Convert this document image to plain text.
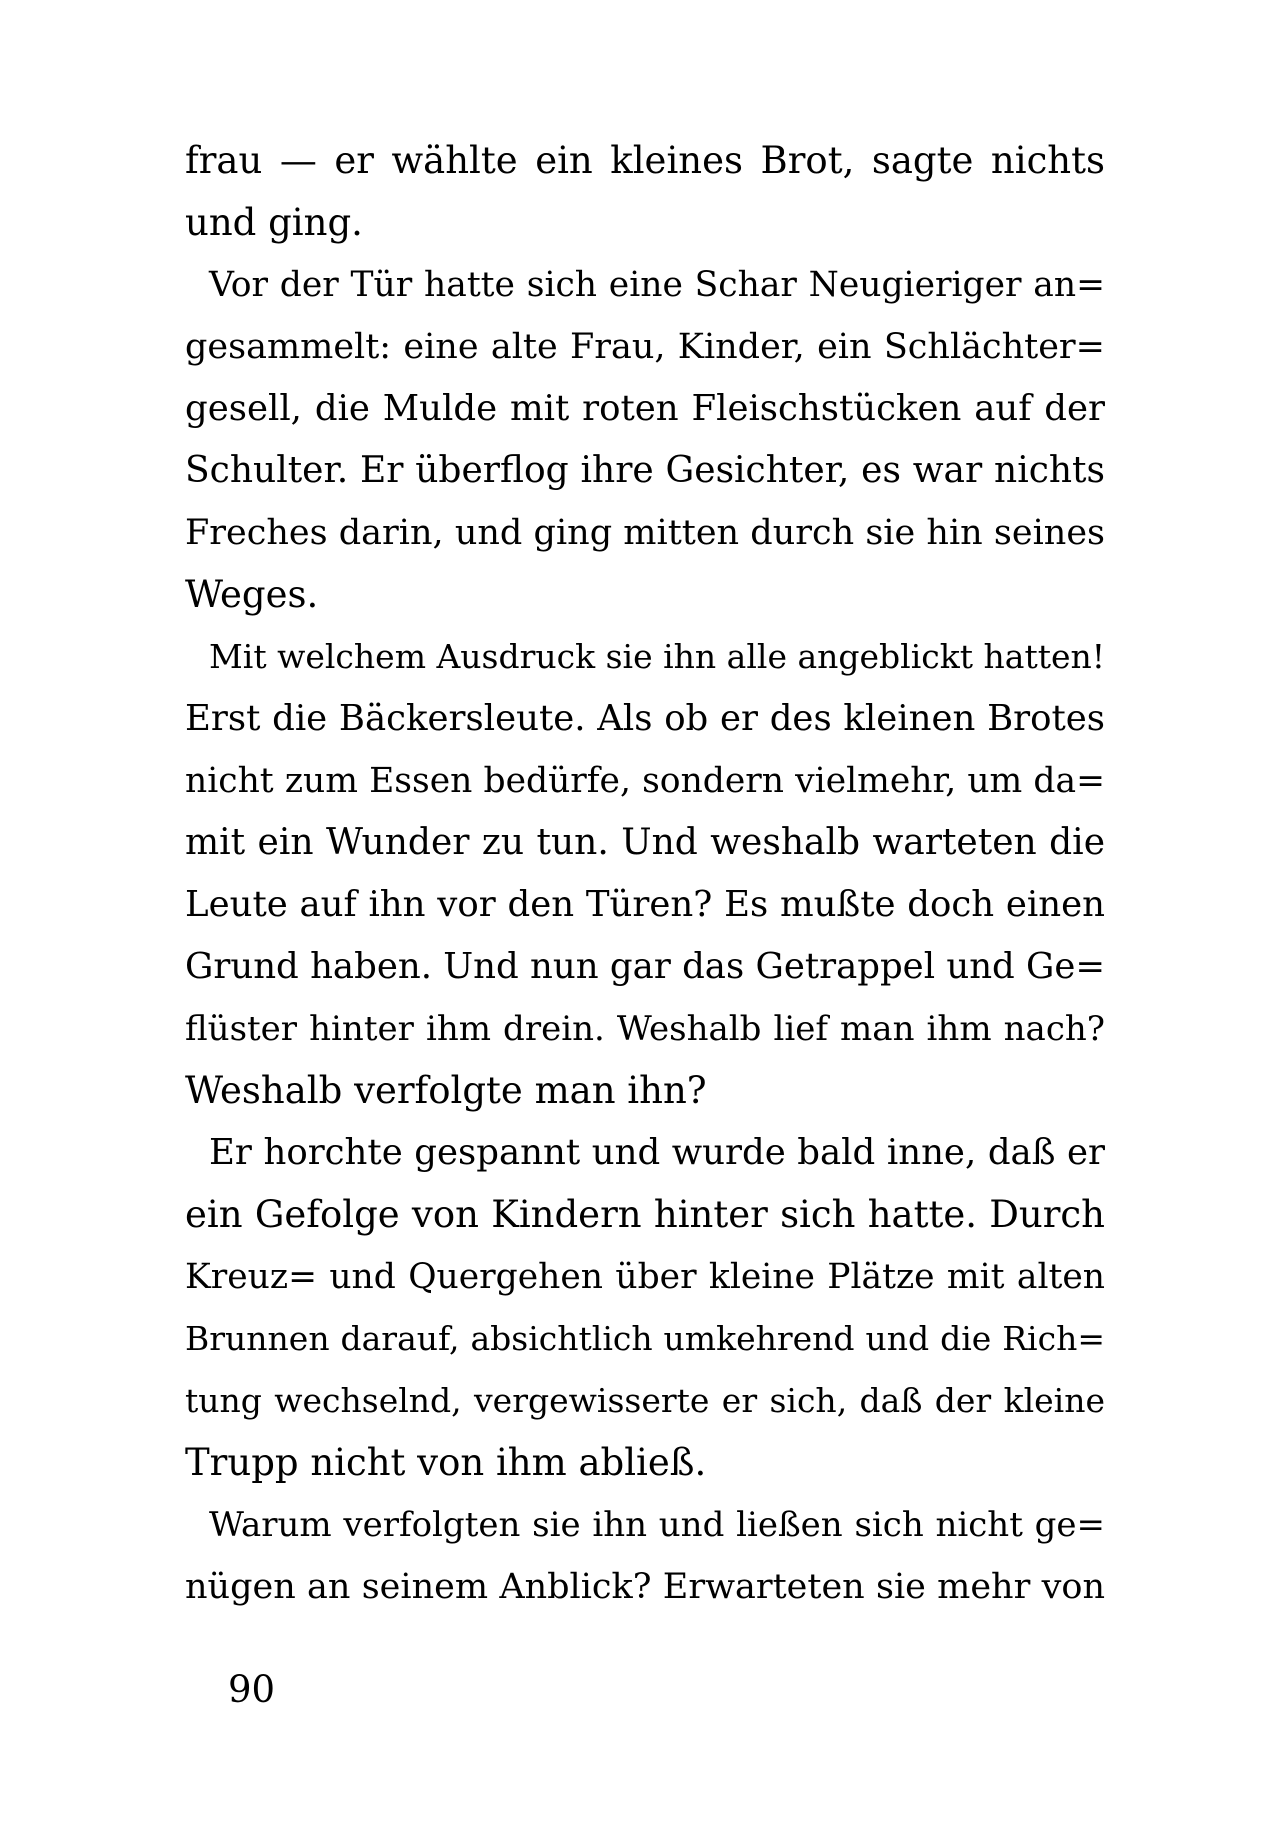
frau — er wählte ein kleines Brot, sagte nichts
und ging.
Vor der Tür hatte sich eine Schar Neugieriger an=
gesammelt: eine alte Frau, Kinder, ein Schlächter=
gesell, die Mulde mit roten Fleischstücken auf der
Schulter. Er überflog ihre Gesichter, es war nichts
Freches darin, und ging mitten durch sie hin seines
Weges.
Mit welchem Ausdruck sie ihn alle angeblickt hatten!
Erst die Bäckersleute. Als ob er des kleinen Brotes
nicht zum Essen bedürfe, sondern vielmehr, um da=
mit ein Wunder zu tun. Und weshalb warteten die
Leute auf ihn vor den Türen? Es mußte doch einen
Grund haben. Und nun gar das Getrappel und Ge=
flüster hinter ihm drein. Weshalb lief man ihm nach?
Weshalb verfolgte man ihn?
Er horchte gespannt und wurde bald inne, daß er
ein Gefolge von Kindern hinter sich hatte. Durch
Kreuz= und Quergehen über kleine Plätze mit alten
Brunnen darauf, absichtlich umkehrend und die Rich=
tung wechselnd, vergewisserte er sich, daß der kleine
Trupp nicht von ihm abließ.
Warum verfolgten sie ihn und ließen sich nicht ge=
nügen an seinem Anblick? Erwarteten sie mehr von
90
